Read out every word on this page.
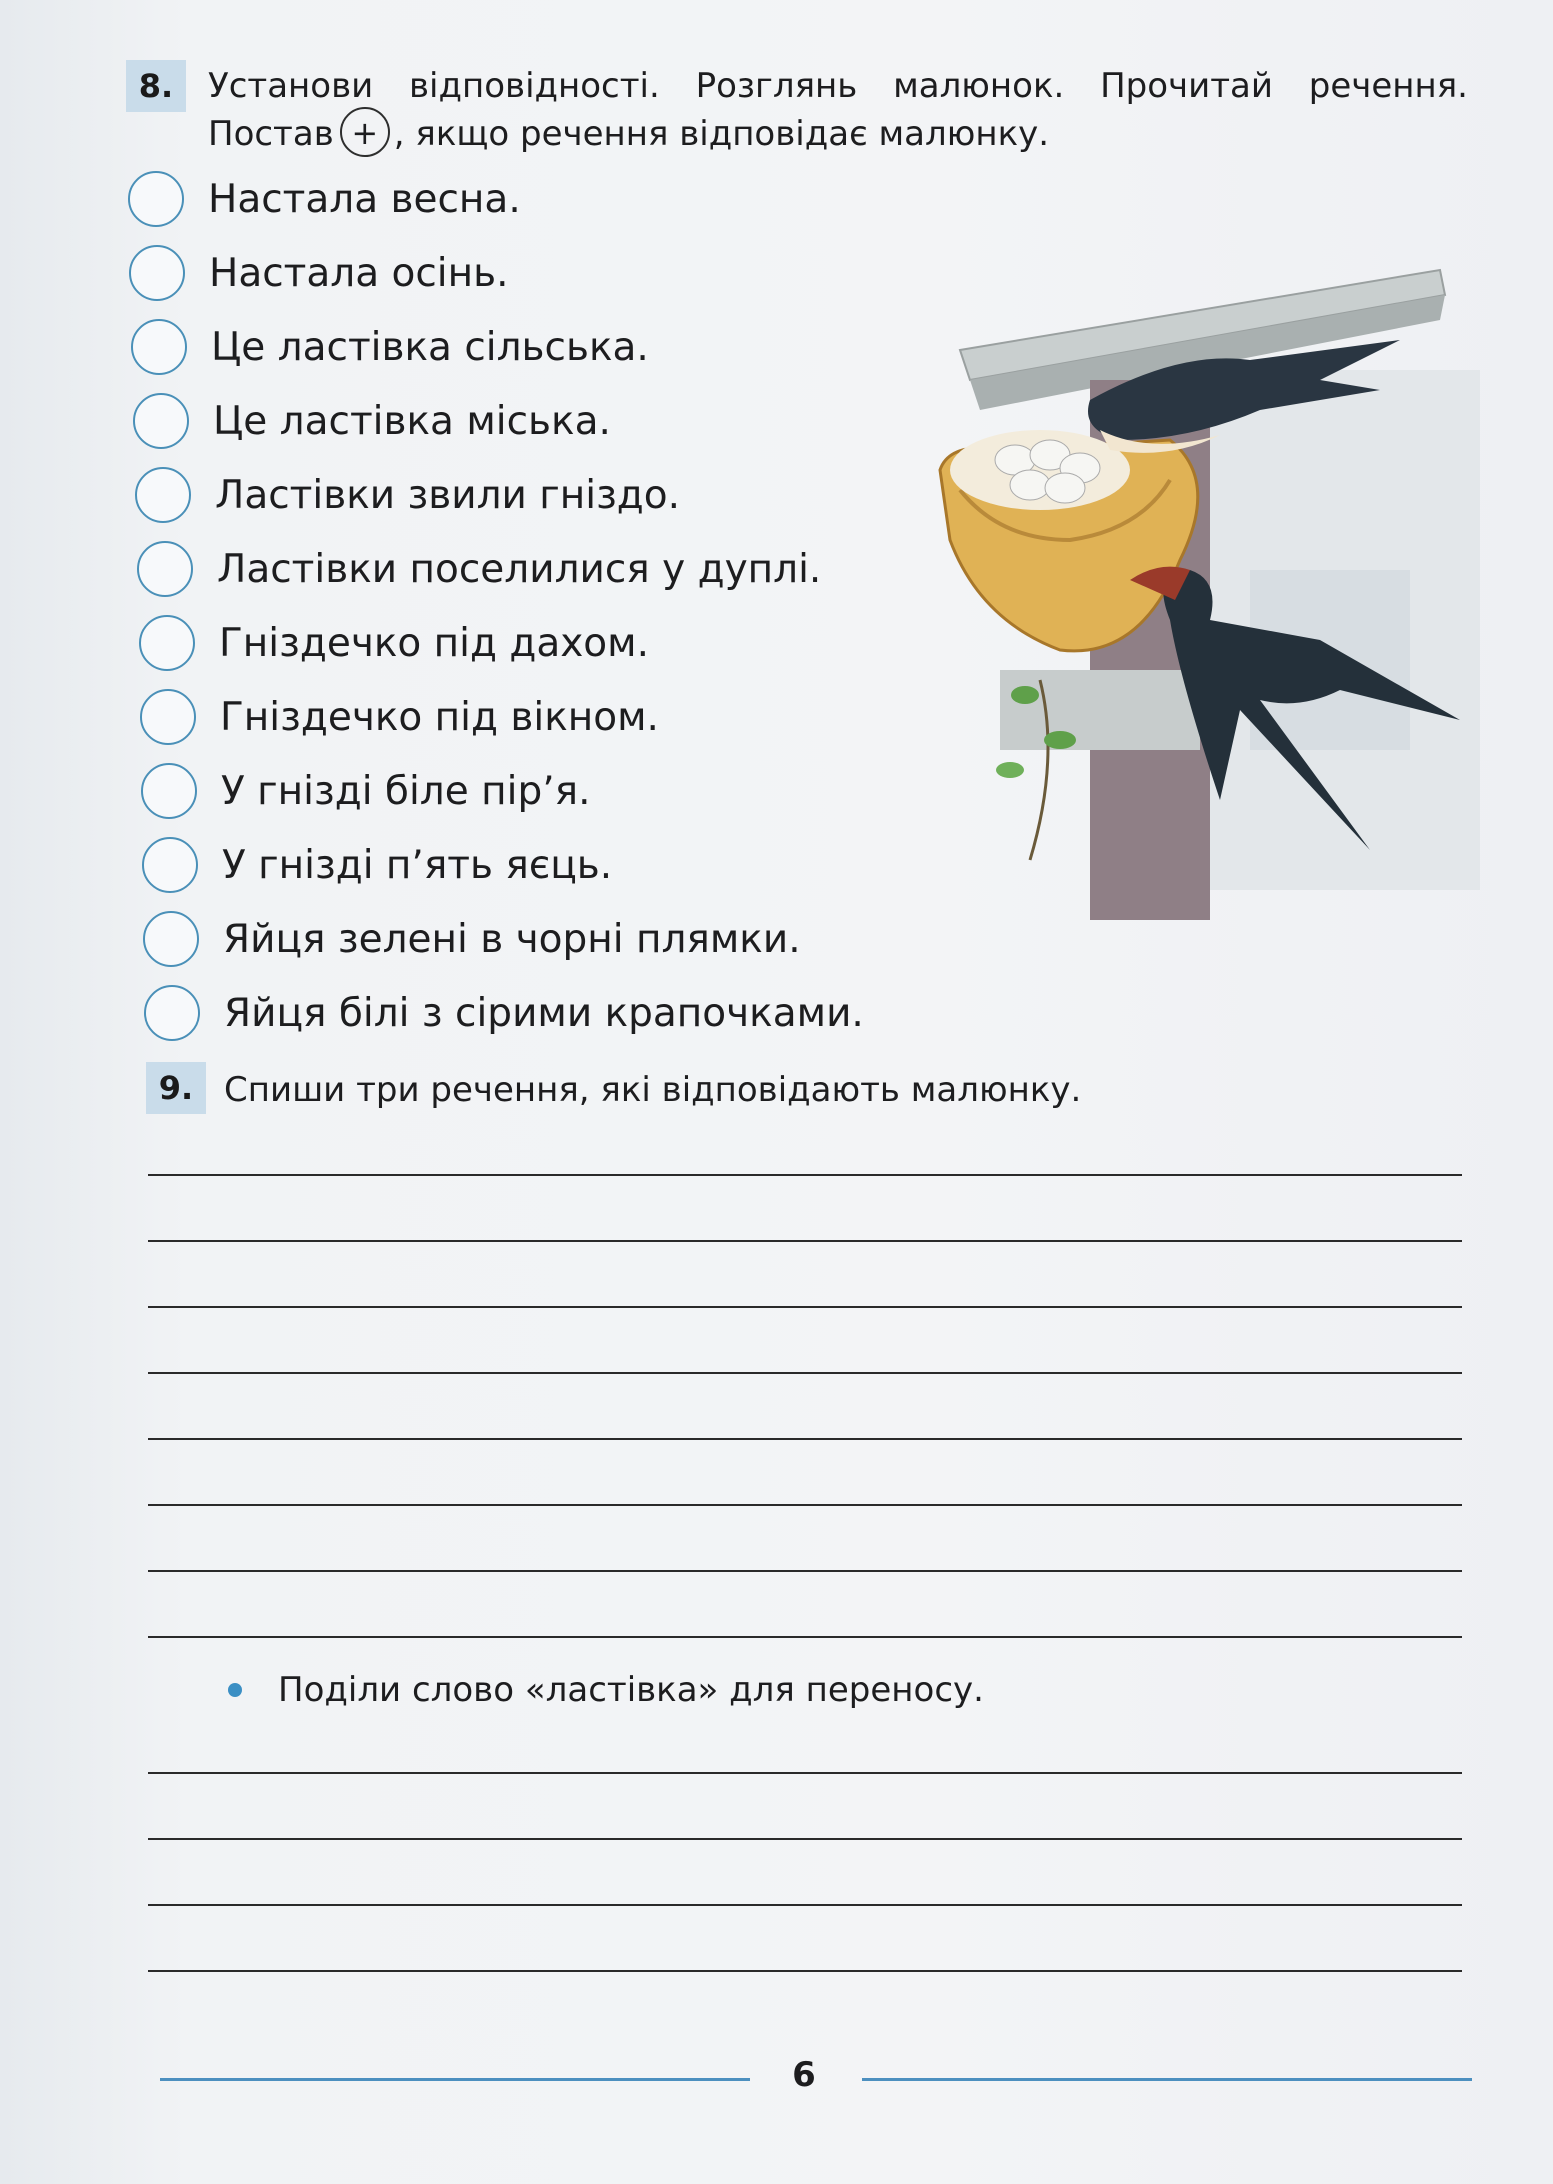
8.	Установи відповідності. Розглянь малюнок. Прочитай речення.
Постав + , якщо речення відповідає малюнку.
Настала весна.
Настала осінь.
Це ластівка сільська.
Це ластівка міська.
Ластівки звили гніздо.
Ластівки поселилися у дуплі.
Гніздечко під дахом.
Гніздечко під вікном.
У гнізді біле пір’я.
У гнізді п’ять яєць.
Яйця зелені в чорні плямки.
Яйця білі з сірими крапочками.
9. Спиши три речення, які відповідають малюнку.
Поділи слово «ластівка» для переносу.
6
